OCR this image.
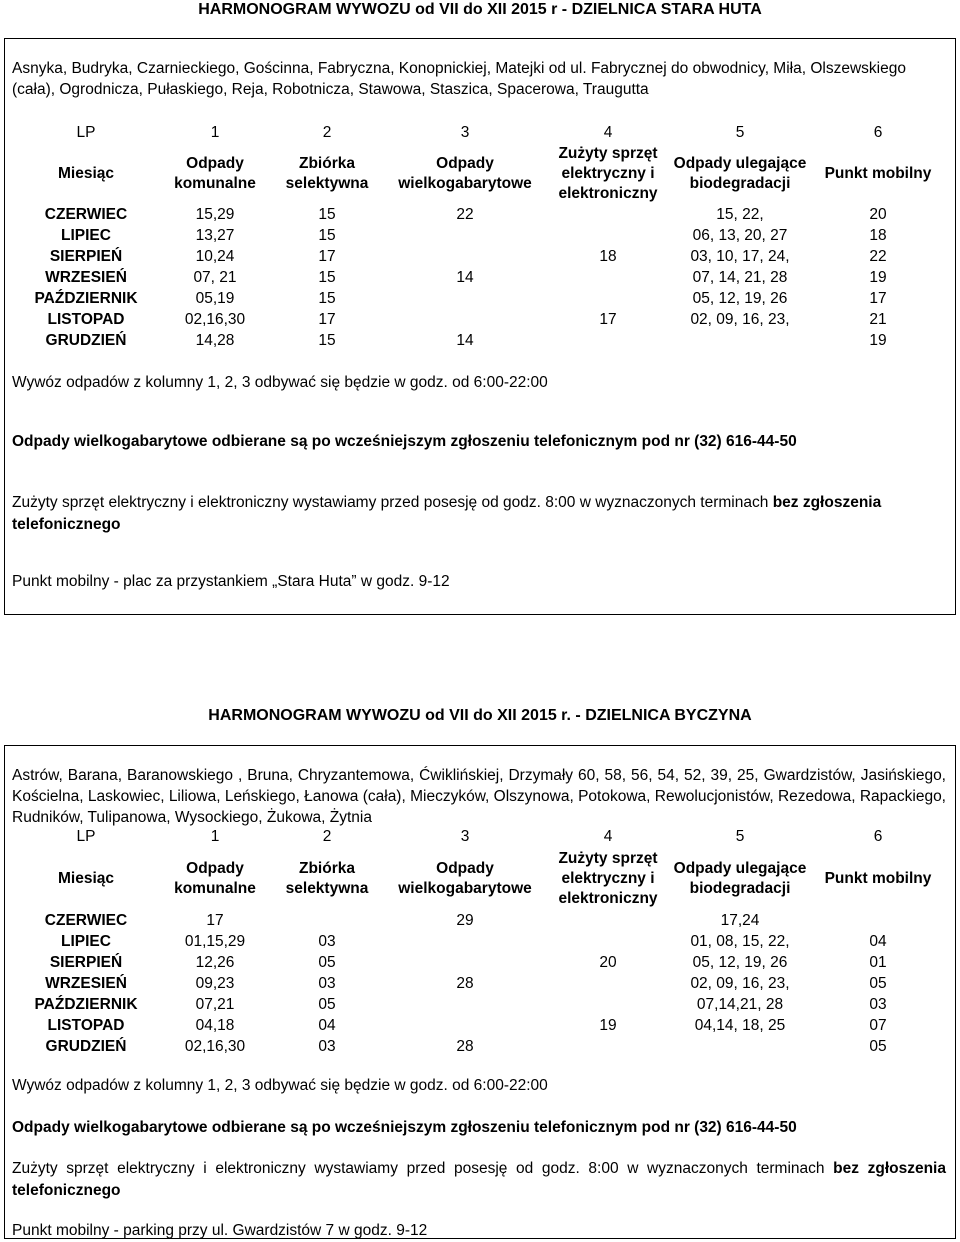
HARMONOGRAM WYWOZU od VII do XII 2015 r - DZIELNICA STARA HUTA
Asnyka, Budryka, Czarnieckiego, Gościnna, Fabryczna, Konopnickiej, Matejki od ul. Fabrycznej do obwodnicy, Miła, Olszewskiego (cała), Ogrodnicza, Pułaskiego, Reja, Robotnicza, Stawowa, Staszica, Spacerowa, Traugutta
LP	1	2	3	4	5	6
Miesiąc	Odpady komunalne	Zbiórka selektywna	Odpady wielkogabarytowe	Zużyty sprzęt elektryczny i elektroniczny	Odpady ulegające biodegradacji	Punkt mobilny
CZERWIEC	15,29	15	22		15, 22,	20
LIPIEC	13,27	15			06, 13, 20, 27	18
SIERPIEŃ	10,24	17		18	03, 10, 17, 24,	22
WRZESIEŃ	07, 21	15	14		07, 14, 21, 28	19
PAŹDZIERNIK	05,19	15			05, 12, 19, 26	17
LISTOPAD	02,16,30	17		17	02, 09, 16, 23,	21
GRUDZIEŃ	14,28	15	14			19
Wywóz odpadów z kolumny 1, 2, 3 odbywać się będzie w godz. od 6:00-22:00
Odpady wielkogabarytowe odbierane są po wcześniejszym zgłoszeniu telefonicznym pod nr (32) 616-44-50
Zużyty sprzęt elektryczny i elektroniczny wystawiamy przed posesję od godz. 8:00 w wyznaczonych terminach bez zgłoszenia telefonicznego
Punkt mobilny - plac za przystankiem „Stara Huta” w godz. 9-12
HARMONOGRAM WYWOZU od VII do XII 2015 r. - DZIELNICA BYCZYNA
Astrów, Barana, Baranowskiego , Bruna, Chryzantemowa, Ćwiklińskiej, Drzymały 60, 58, 56, 54, 52, 39, 25, Gwardzistów, Jasińskiego, Kościelna, Laskowiec, Liliowa, Leńskiego, Łanowa (cała), Mieczyków, Olszynowa, Potokowa, Rewolucjonistów, Rezedowa, Rapackiego, Rudników, Tulipanowa, Wysockiego, Żukowa, Żytnia
LP	1	2	3	4	5	6
Miesiąc	Odpady komunalne	Zbiórka selektywna	Odpady wielkogabarytowe	Zużyty sprzęt elektryczny i elektroniczny	Odpady ulegające biodegradacji	Punkt mobilny
CZERWIEC	17		29		17,24	
LIPIEC	01,15,29	03			01, 08, 15, 22,	04
SIERPIEŃ	12,26	05		20	05, 12, 19, 26	01
WRZESIEŃ	09,23	03	28		02, 09, 16, 23,	05
PAŹDZIERNIK	07,21	05			07,14,21, 28	03
LISTOPAD	04,18	04		19	04,14, 18, 25	07
GRUDZIEŃ	02,16,30	03	28			05
Wywóz odpadów z kolumny 1, 2, 3 odbywać się będzie w godz. od 6:00-22:00
Odpady wielkogabarytowe odbierane są po wcześniejszym zgłoszeniu telefonicznym pod nr (32) 616-44-50
Zużyty sprzęt elektryczny i elektroniczny wystawiamy przed posesję od godz. 8:00 w wyznaczonych terminach bez zgłoszenia telefonicznego
Punkt mobilny - parking przy ul. Gwardzistów 7 w godz. 9-12
